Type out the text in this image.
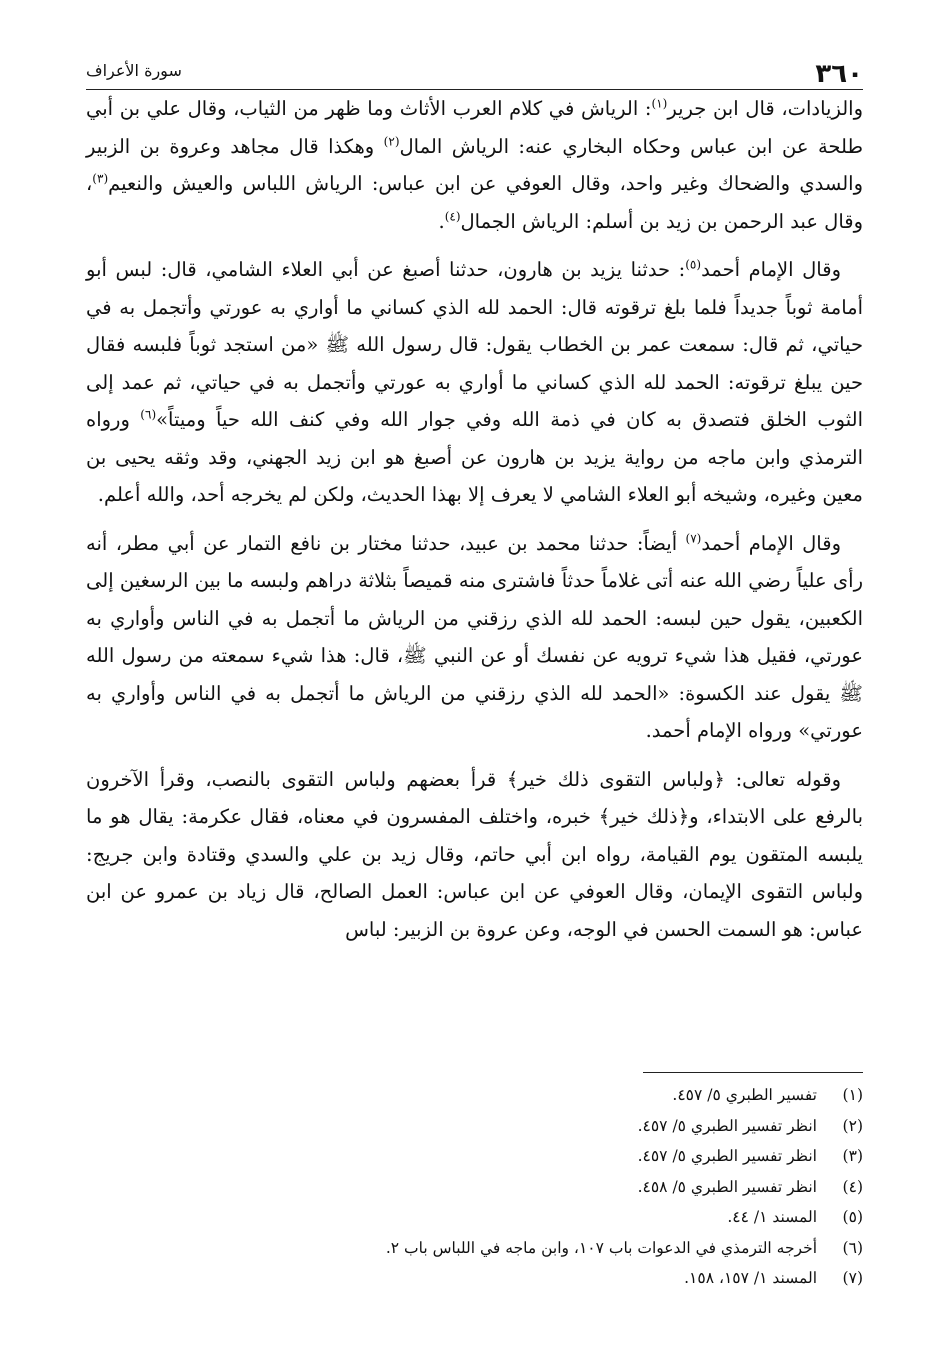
٣٦٠
سورة الأعراف

والزيادات، قال ابن جرير$^{(١)}$: الرياش في كلام العرب الأثاث وما ظهر من الثياب، وقال علي بن أبي طلحة عن ابن عباس وحكاه البخاري عنه: الرياش المال$^{(٢)}$ وهكذا قال مجاهد وعروة بن الزبير والسدي والضحاك وغير واحد، وقال العوفي عن ابن عباس: الرياش اللباس والعيش والنعيم$^{(٣)}$، وقال عبد الرحمن بن زيد بن أسلم: الرياش الجمال$^{(٤)}$.

وقال الإمام أحمد$^{(٥)}$: حدثنا يزيد بن هارون، حدثنا أصبغ عن أبي العلاء الشامي، قال: لبس أبو أمامة ثوباً جديداً فلما بلغ ترقوته قال: الحمد لله الذي كساني ما أواري به عورتي وأتجمل به في حياتي، ثم قال: سمعت عمر بن الخطاب يقول: قال رسول الله ﷺ «من استجد ثوباً فلبسه فقال حين يبلغ ترقوته: الحمد لله الذي كساني ما أواري به عورتي وأتجمل به في حياتي، ثم عمد إلى الثوب الخلق فتصدق به كان في ذمة الله وفي جوار الله وفي كنف الله حياً وميتاً»$^{(٦)}$ ورواه الترمذي وابن ماجه من رواية يزيد بن هارون عن أصبغ هو ابن زيد الجهني، وقد وثقه يحيى بن معين وغيره، وشيخه أبو العلاء الشامي لا يعرف إلا بهذا الحديث، ولكن لم يخرجه أحد، والله أعلم.

وقال الإمام أحمد$^{(٧)}$ أيضاً: حدثنا محمد بن عبيد، حدثنا مختار بن نافع التمار عن أبي مطر، أنه رأى علياً رضي الله عنه أتى غلاماً حدثاً فاشترى منه قميصاً بثلاثة دراهم ولبسه ما بين الرسغين إلى الكعبين، يقول حين لبسه: الحمد لله الذي رزقني من الرياش ما أتجمل به في الناس وأواري به عورتي، فقيل هذا شيء ترويه عن نفسك أو عن النبي ﷺ، قال: هذا شيء سمعته من رسول الله ﷺ يقول عند الكسوة: «الحمد لله الذي رزقني من الرياش ما أتجمل به في الناس وأواري به عورتي» ورواه الإمام أحمد.

وقوله تعالى: ﴿ولباس التقوى ذلك خير﴾ قرأ بعضهم ولباس التقوى بالنصب، وقرأ الآخرون بالرفع على الابتداء، و﴿ذلك خير﴾ خبره، واختلف المفسرون في معناه، فقال عكرمة: يقال هو ما يلبسه المتقون يوم القيامة، رواه ابن أبي حاتم، وقال زيد بن علي والسدي وقتادة وابن جريج: ولباس التقوى الإيمان، وقال العوفي عن ابن عباس: العمل الصالح، قال زياد بن عمرو عن ابن عباس: هو السمت الحسن في الوجه، وعن عروة بن الزبير: لباس

(١)
تفسير الطبري ٥/ ٤٥٧.
(٢)
انظر تفسير الطبري ٥/ ٤٥٧.
(٣)
انظر تفسير الطبري ٥/ ٤٥٧.
(٤)
انظر تفسير الطبري ٥/ ٤٥٨.
(٥)
المسند ١/ ٤٤.
(٦)
أخرجه الترمذي في الدعوات باب ١٠٧، وابن ماجه في اللباس باب ٢.
(٧)
المسند ١/ ١٥٧، ١٥٨.
